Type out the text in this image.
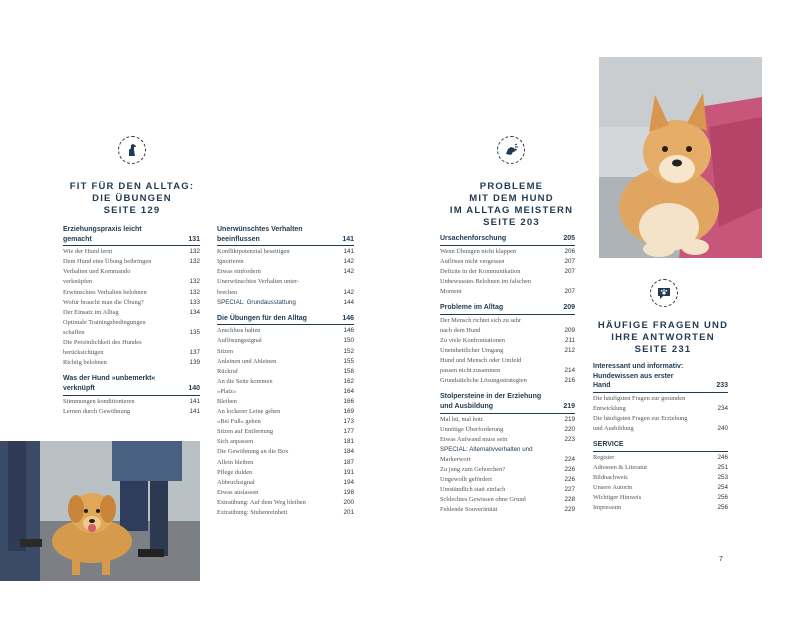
FIT FÜR DEN ALLTAG:
DIE ÜBUNGEN
SEITE 129
PROBLEME
MIT DEM HUND
IM ALLTAG MEISTERN
SEITE 203
HÄUFIGE FRAGEN UND
IHRE ANTWORTEN
SEITE 231
Erziehungspraxis leicht
gemacht	131
Wie der Hund lernt	132
Dem Hund eine Übung beibringen	132
Verhalten und Kommando
verknüpfen	132
Erwünschtes Verhalten belohnen	132
Wofür braucht man die Übung?	133
Der Einsatz im Alltag	134
Optimale Trainingsbedingungen
schaffen	135
Die Persönlichkeit des Hundes
berücksichtigen	137
Richtig belohnen	139
Was der Hund »unbemerkt«
verknüpft	140
Stimmungen konditionieren	141
Lernen durch Gewöhnung	141
Unerwünschtes Verhalten
beeinflussen	141
Konfliktpotenzial beseitigen	141
Ignorieren	142
Etwas einfordern	142
Unerwünschtes Verhalten unter-
brechen	142
SPECIAL: Grundausstattung	144
Die Übungen für den Alltag	146
Anschluss halten	146
Auflösungssignal	150
Sitzen	152
Anleinen und Ableinen	155
Rückruf	158
An die Seite kommen	162
»Platz«	164
Bleiben	166
An lockerer Leine gehen	169
»Bei Fuß« gehen	173
Sitzen auf Entfernung	177
Sich anpassen	181
Die Gewöhnung an die Box	184
Allein bleiben	187
Pflege dulden	191
Abbruchsignal	194
Etwas auslassen	198
Extraübung: Auf dem Weg bleiben	200
Extraübung: Stubenreinheit	201
Ursachenforschung	205
Wenn Übungen nicht klappen	206
Auflösen nicht vergessen	207
Defizite in der Kommunikation	207
Unbewusstes Belohnen im falschen
Moment	207
Probleme im Alltag	209
Der Mensch richtet sich zu sehr
nach dem Hund	209
Zu viele Konfrontationen	211
Uneinheitlicher Umgang	212
Hund und Mensch oder Umfeld
passen nicht zusammen	214
Grundsätzliche Lösungsstrategien	216
Stolpersteine in der Erziehung
und Ausbildung	219
Mal hü, mal hott	219
Unnötige Überforderung	220
Etwas Aufwand muss sein	223
SPECIAL: Alternativverhalten und
Markerwort	224
Zu jung zum Gehorchen?	226
Ungewollt gefördert	226
Umständlich statt einfach	227
Schlechtes Gewissen ohne Grund	228
Fehlende Souveränität	229
Interessant und informativ:
Hundewissen aus erster
Hand	233
Die häufigsten Fragen zur gesunden
Entwicklung	234
Die häufigsten Fragen zur Erziehung
und Ausbildung	240
SERVICE
Register	246
Adressen & Literatur	251
Bildnachweis	253
Unsere Autorin	254
Wichtiger Hinweis	256
Impressum	256
7
